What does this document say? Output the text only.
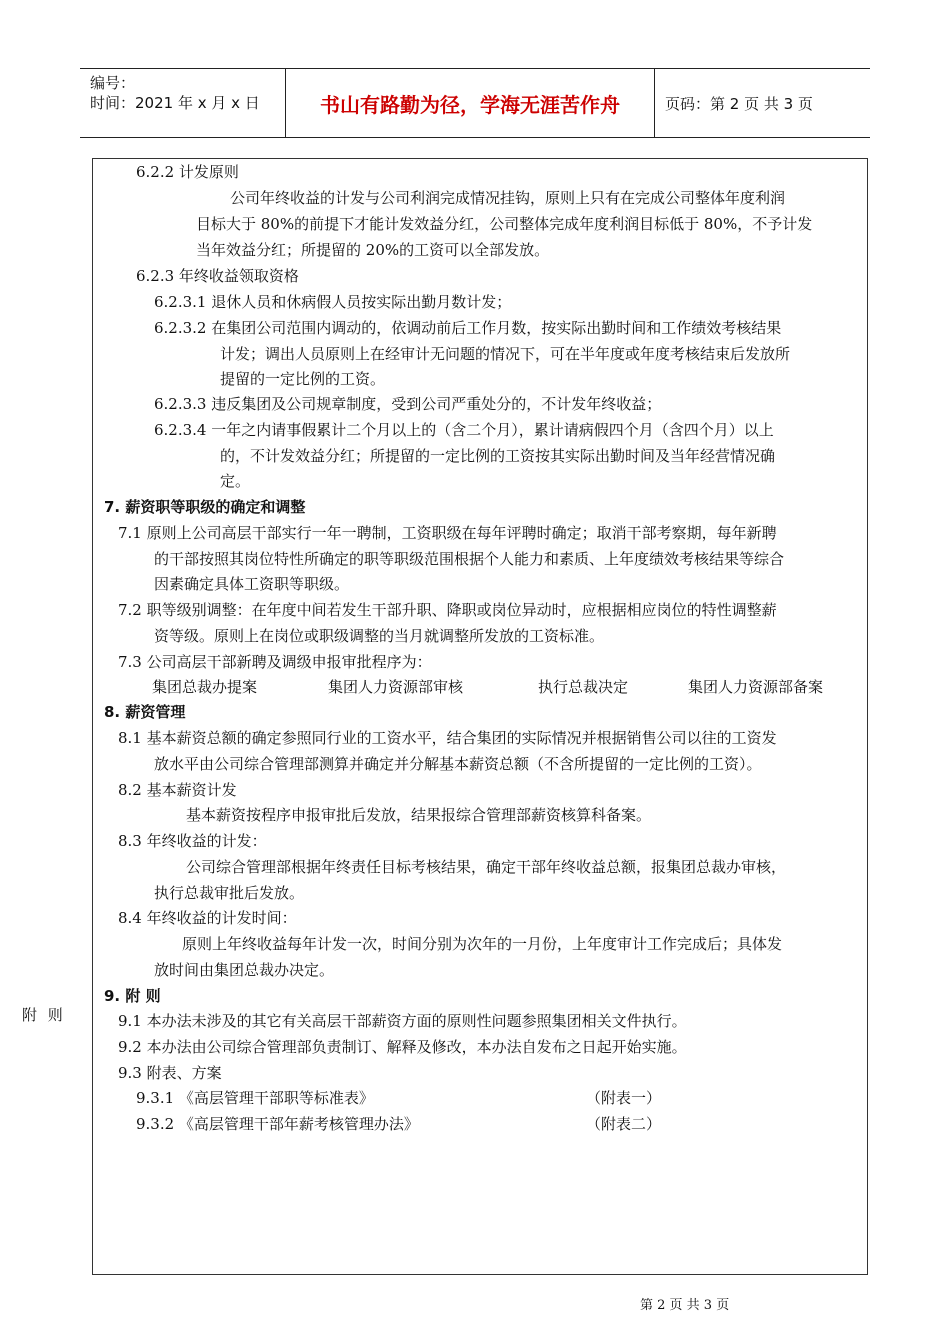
编号：
时间：2021 年 x 月 x 日	书山有路勤为径，学海无涯苦作舟	页码：第 2 页 共 3 页
附 则
6.2.2 计发原则
公司年终收益的计发与公司利润完成情况挂钩，原则上只有在完成公司整体年度利润
目标大于 80%的前提下才能计发效益分红，公司整体完成年度利润目标低于 80%，不予计发
当年效益分红；所提留的 20%的工资可以全部发放。
6.2.3 年终收益领取资格
6.2.3.1 退休人员和休病假人员按实际出勤月数计发；
6.2.3.2 在集团公司范围内调动的，依调动前后工作月数，按实际出勤时间和工作绩效考核结果
计发；调出人员原则上在经审计无问题的情况下，可在半年度或年度考核结束后发放所
提留的一定比例的工资。
6.2.3.3 违反集团及公司规章制度，受到公司严重处分的，不计发年终收益；
6.2.3.4 一年之内请事假累计二个月以上的（含二个月），累计请病假四个月（含四个月）以上
的，不计发效益分红；所提留的一定比例的工资按其实际出勤时间及当年经营情况确
定。
7. 薪资职等职级的确定和调整
7.1 原则上公司高层干部实行一年一聘制，工资职级在每年评聘时确定；取消干部考察期，每年新聘
的干部按照其岗位特性所确定的职等职级范围根据个人能力和素质、上年度绩效考核结果等综合
因素确定具体工资职等职级。
7.2 职等级别调整：在年度中间若发生干部升职、降职或岗位异动时，应根据相应岗位的特性调整薪
资等级。原则上在岗位或职级调整的当月就调整所发放的工资标准。
7.3 公司高层干部新聘及调级申报审批程序为：
集团总裁办提案	集团人力资源部审核	执行总裁决定	集团人力资源部备案
8. 薪资管理
8.1 基本薪资总额的确定参照同行业的工资水平，结合集团的实际情况并根据销售公司以往的工资发
放水平由公司综合管理部测算并确定并分解基本薪资总额（不含所提留的一定比例的工资）。
8.2 基本薪资计发
基本薪资按程序申报审批后发放，结果报综合管理部薪资核算科备案。
8.3 年终收益的计发：
公司综合管理部根据年终责任目标考核结果，确定干部年终收益总额，报集团总裁办审核，
执行总裁审批后发放。
8.4 年终收益的计发时间：
原则上年终收益每年计发一次，时间分别为次年的一月份，上年度审计工作完成后；具体发
放时间由集团总裁办决定。
9. 附 则
9.1 本办法未涉及的其它有关高层干部薪资方面的原则性问题参照集团相关文件执行。
9.2 本办法由公司综合管理部负责制订、解释及修改，本办法自发布之日起开始实施。
9.3 附表、方案
9.3.1 《高层管理干部职等标准表》	（附表一）
9.3.2 《高层管理干部年薪考核管理办法》	（附表二）
第 2 页 共 3 页
